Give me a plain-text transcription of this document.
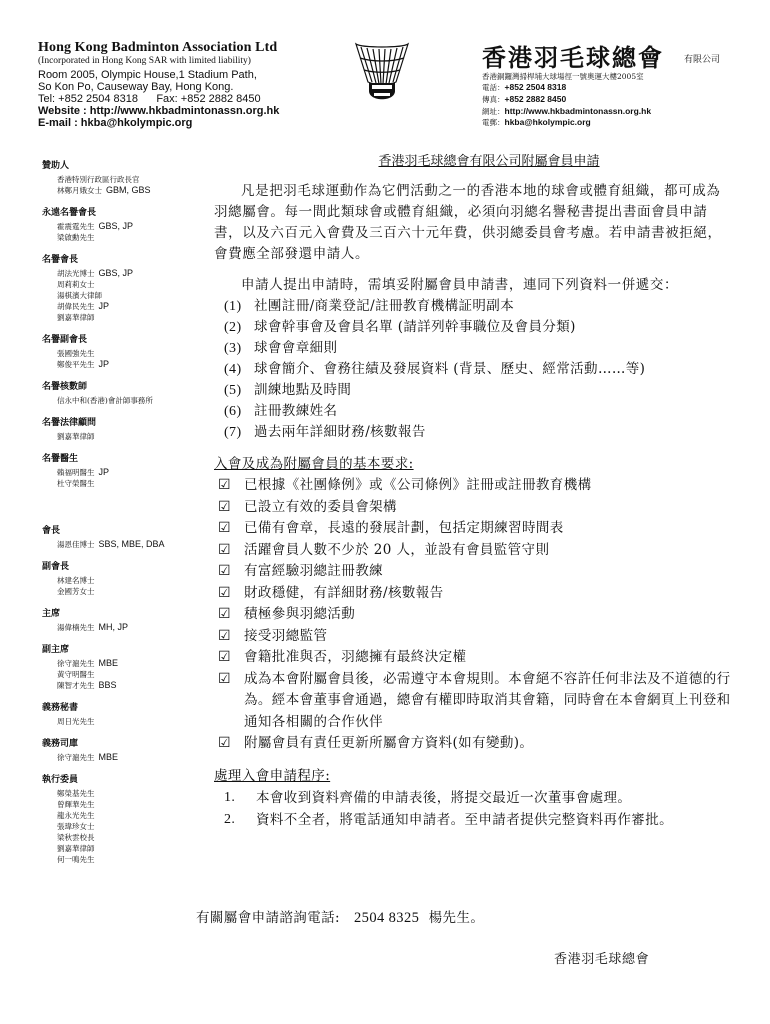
Hong Kong Badminton Association Ltd
(Incorporated in Hong Kong SAR with limited liability)
Room 2005, Olympic House,1 Stadium Path,
So Kon Po, Causeway Bay, Hong Kong.
Tel: +852 2504 8318      Fax: +852 2882 8450
Website : http://www.hkbadmintonassn.org.hk
E-mail : hkba@hkolympic.org
香港羽毛球總會 有限公司
香港銅鑼灣掃桿埔大球場徑一號奧運大樓2005室
電話：+852 2504 8318
傳真：+852 2882 8450
網址：http://www.hkbadmintonassn.org.hk
電郵：hkba@hkolympic.org
贊助人
香港特別行政區行政長官
林鄭月娥女士 GBM, GBS
永遠名譽會長
霍震霆先生 GBS, JP
梁啟勳先生
名譽會長
胡法光博士 GBS, JP
周莉莉女士
湯棋濱大律師
胡偉民先生 JP
劉嘉華律師
名譽副會長
張國強先生
鄭俊平先生 JP
名譽核數師
信永中和(香港)會計師事務所
名譽法律顧問
劉嘉華律師
名譽醫生
賴福明醫生 JP
杜守榮醫生
會長
湯恩佳博士 SBS, MBE, DBA
副會長
林建名博士
金國芳女士
主席
湯偉楠先生 MH, JP
副主席
徐守滬先生 MBE
黃守明醫生
陳智才先生 BBS
義務秘書
周日光先生
義務司庫
徐守滬先生 MBE
執行委員
鄭榮基先生
曾輝華先生
龍永光先生
張瑋珍女士
梁秋雲校長
劉嘉華律師
何一鳴先生
香港羽毛球總會有限公司附屬會員申請
凡是把羽毛球運動作為它們活動之一的香港本地的球會或體育組織，都可成為羽總屬會。每一間此類球會或體育組織，必須向羽總名譽秘書提出書面會員申請書，以及六百元入會費及三百六十元年費，供羽總委員會考慮。若申請書被拒絕，會費應全部發還申請人。
申請人提出申請時，需填妥附屬會員申請書，連同下列資料一併遞交：
(1) 社團註冊/商業登記/註冊教育機構証明副本
(2) 球會幹事會及會員名單 (請詳列幹事職位及會員分類)
(3) 球會會章細則
(4) 球會簡介、會務往績及發展資料 (背景、歷史、經常活動……等)
(5) 訓練地點及時間
(6) 註冊教練姓名
(7) 過去兩年詳細財務/核數報告
入會及成為附屬會員的基本要求:
☑ 已根據《社團條例》或《公司條例》註冊或註冊教育機構
☑ 已設立有效的委員會架構
☑ 已備有會章，長遠的發展計劃，包括定期練習時間表
☑ 活躍會員人數不少於 20 人，並設有會員監管守則
☑ 有富經驗羽總註冊教練
☑ 財政穩健，有詳細財務/核數報告
☑ 積極參與羽總活動
☑ 接受羽總監管
☑ 會籍批准與否，羽總擁有最終決定權
☑ 成為本會附屬會員後，必需遵守本會規則。本會絕不容許任何非法及不道德的行為。經本會董事會通過，總會有權即時取消其會籍，同時會在本會網頁上刊登和通知各相關的合作伙伴
☑ 附屬會員有責任更新所屬會方資料(如有變動)。
處理入會申請程序:
1.	本會收到資料齊備的申請表後，將提交最近一次董事會處理。
2.	資料不全者，將電話通知申請者。至申請者提供完整資料再作審批。
有關屬會申請諮詢電話: 2504 8325 楊先生。
香港羽毛球總會
